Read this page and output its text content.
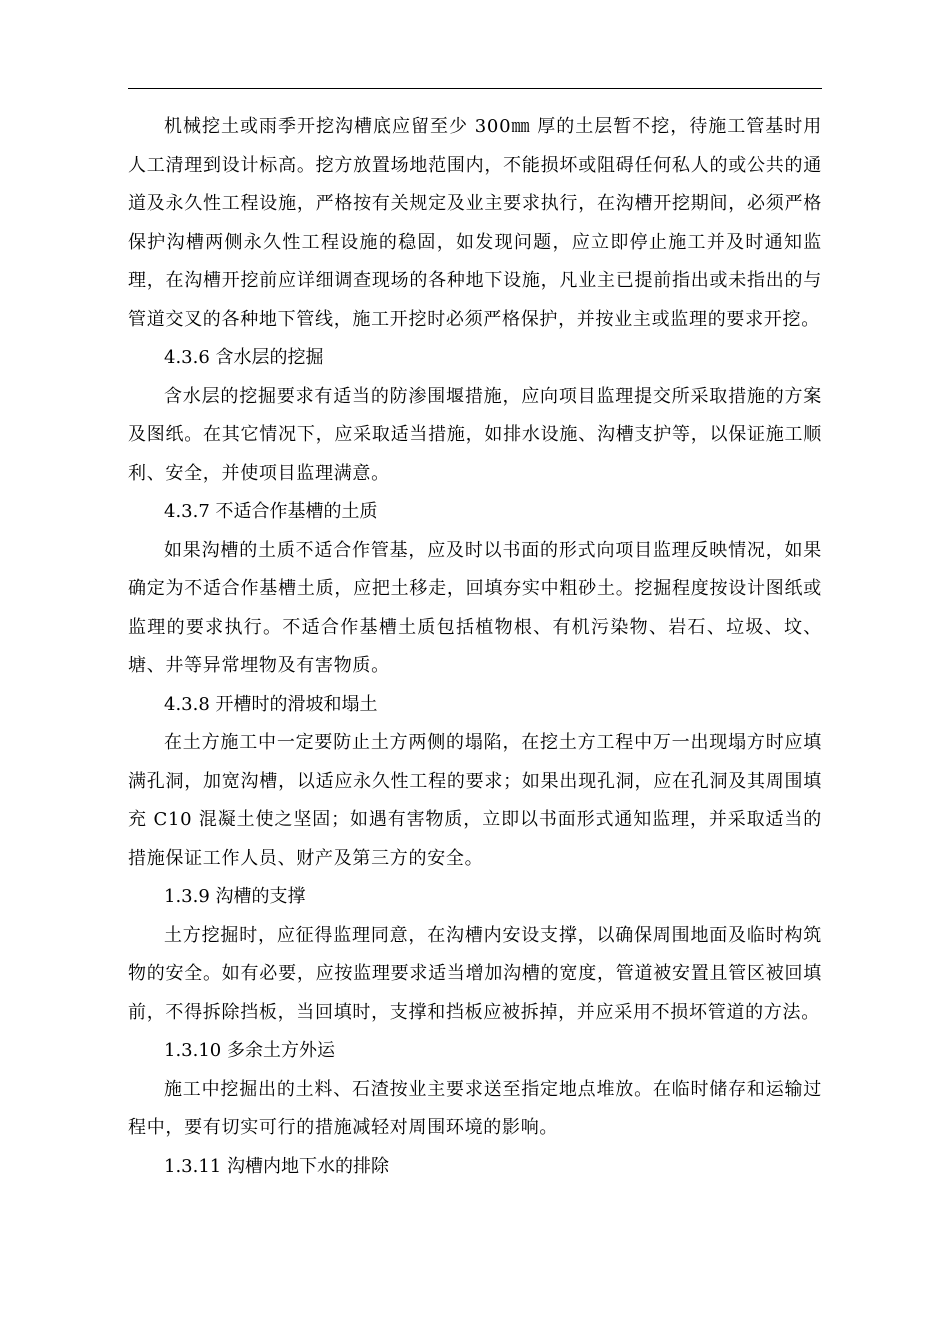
机械挖土或雨季开挖沟槽底应留至少 300㎜ 厚的土层暂不挖，待施工管基时用人工清理到设计标高。挖方放置场地范围内，不能损坏或阻碍任何私人的或公共的通道及永久性工程设施，严格按有关规定及业主要求执行，在沟槽开挖期间，必须严格保护沟槽两侧永久性工程设施的稳固，如发现问题，应立即停止施工并及时通知监理，在沟槽开挖前应详细调查现场的各种地下设施，凡业主已提前指出或未指出的与管道交叉的各种地下管线，施工开挖时必须严格保护，并按业主或监理的要求开挖。

4.3.6 含水层的挖掘

含水层的挖掘要求有适当的防渗围堰措施，应向项目监理提交所采取措施的方案及图纸。在其它情况下，应采取适当措施，如排水设施、沟槽支护等，以保证施工顺利、安全，并使项目监理满意。

4.3.7 不适合作基槽的土质

如果沟槽的土质不适合作管基，应及时以书面的形式向项目监理反映情况，如果确定为不适合作基槽土质，应把土移走，回填夯实中粗砂土。挖掘程度按设计图纸或监理的要求执行。不适合作基槽土质包括植物根、有机污染物、岩石、垃圾、坟、塘、井等异常埋物及有害物质。

4.3.8 开槽时的滑坡和塌土

在土方施工中一定要防止土方两侧的塌陷，在挖土方工程中万一出现塌方时应填满孔洞，加宽沟槽，以适应永久性工程的要求；如果出现孔洞，应在孔洞及其周围填充 C10 混凝土使之坚固；如遇有害物质，立即以书面形式通知监理，并采取适当的措施保证工作人员、财产及第三方的安全。

1.3.9 沟槽的支撑

土方挖掘时，应征得监理同意，在沟槽内安设支撑，以确保周围地面及临时构筑物的安全。如有必要，应按监理要求适当增加沟槽的宽度，管道被安置且管区被回填前，不得拆除挡板，当回填时，支撑和挡板应被拆掉，并应采用不损坏管道的方法。

1.3.10 多余土方外运

施工中挖掘出的土料、石渣按业主要求送至指定地点堆放。在临时储存和运输过程中，要有切实可行的措施减轻对周围环境的影响。

1.3.11 沟槽内地下水的排除
